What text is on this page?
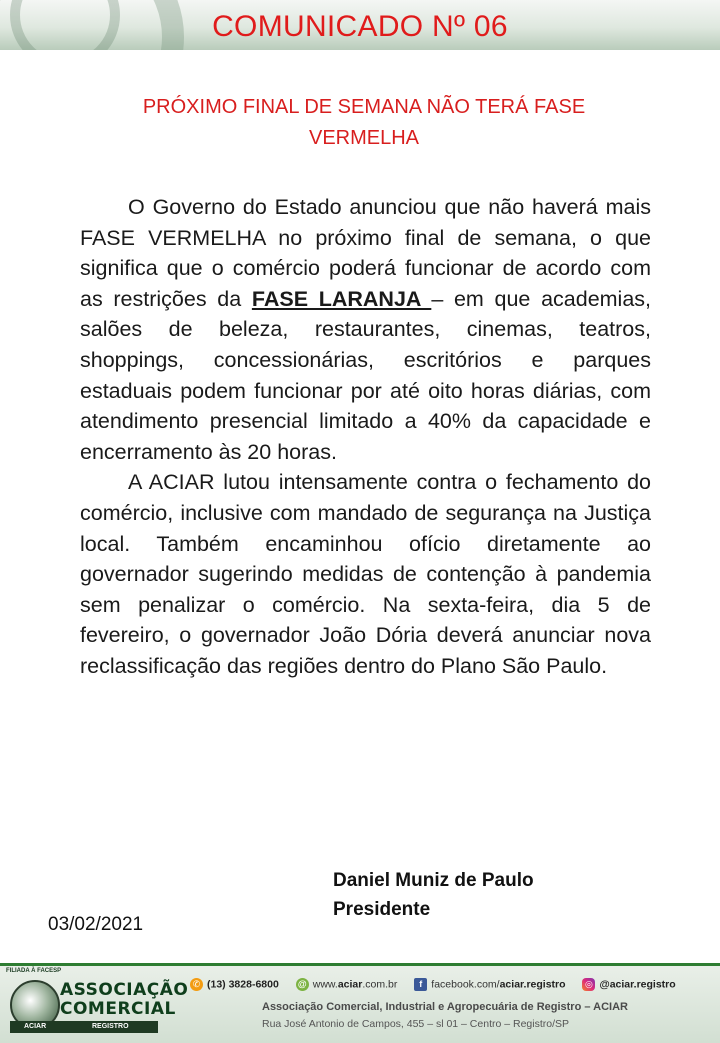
COMUNICADO Nº 06
PRÓXIMO FINAL DE SEMANA NÃO TERÁ FASE
VERMELHA

O Governo do Estado anunciou que não haverá mais FASE VERMELHA no próximo final de semana, o que significa que o comércio poderá funcionar de acordo com as restrições da FASE LARANJA – em que academias, salões de beleza, restaurantes, cinemas, teatros, shoppings, concessionárias, escritórios e parques estaduais podem funcionar por até oito horas diárias, com atendimento presencial limitado a 40% da capacidade e encerramento às 20 horas.

A ACIAR lutou intensamente contra o fechamento do comércio, inclusive com mandado de segurança na Justiça local. Também encaminhou ofício diretamente ao governador sugerindo medidas de contenção à pandemia sem penalizar o comércio. Na sexta-feira, dia 5 de fevereiro, o governador João Dória deverá anunciar nova reclassificação das regiões dentro do Plano São Paulo.

Daniel Muniz de Paulo
Presidente
03/02/2021
FILIADA À FACESP
ASSOCIAÇÃO
COMERCIAL
ACIAR	REGISTRO
✆ (13) 3828-6800 @ www.aciar.com.br f facebook.com/aciar.registro ◎ @aciar.registro
Associação Comercial, Industrial e Agropecuária de Registro – ACIAR
Rua José Antonio de Campos, 455 – sl 01 – Centro – Registro/SP
